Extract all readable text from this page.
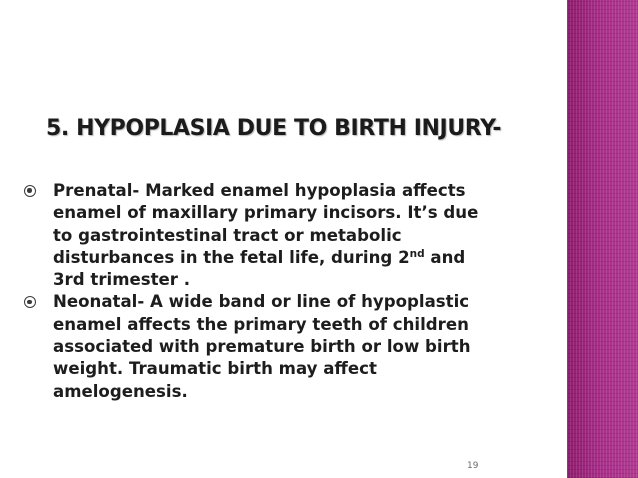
5. HYPOPLASIA DUE TO BIRTH INJURY-
Prenatal- Marked enamel hypoplasia affects
enamel of maxillary primary incisors. It’s due
to gastrointestinal tract or metabolic
disturbances in the fetal life, during 2nd and
3rd trimester .
Neonatal- A wide band or line of hypoplastic
enamel affects the primary teeth of children
associated with premature birth or low birth
weight. Traumatic birth may affect
amelogenesis.
19
